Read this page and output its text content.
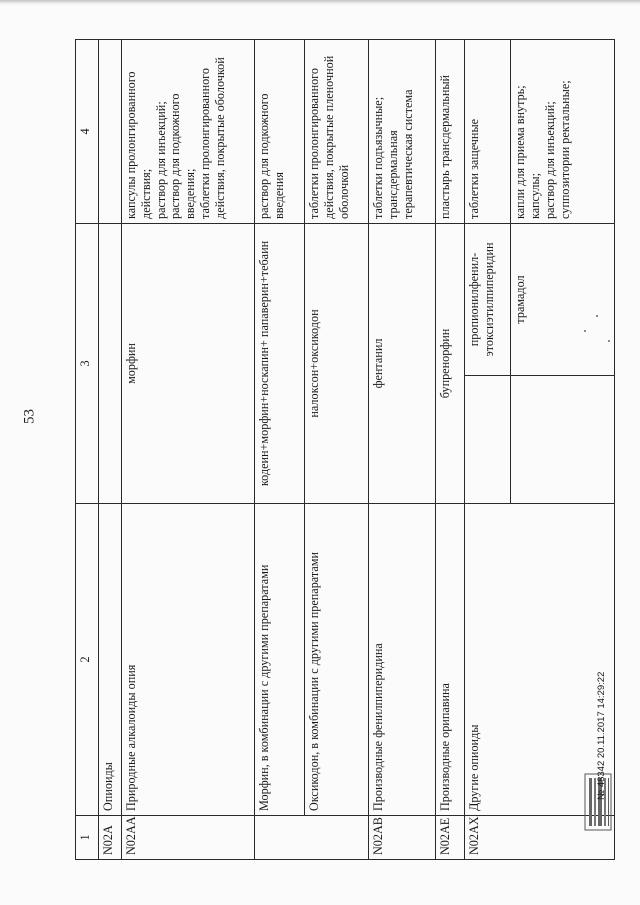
53
1	2	3		4
N02A	Опиоиды			
N02AA	Природные алкалоиды опия	морфин		капсулы пролонгированного действия; раствор для инъекций; раствор для подкожного введения; таблетки пролонгированного действия, покрытые оболочкой

	Морфин, в комбинации с другими препаратами	кодеин+морфин+носкапин+ папаверин+тебаин		раствор для подкожного введения

	Оксикодон, в комбинации с другими препаратами	налоксон+оксикодон		таблетки пролонгированного действия, покрытые пленочной оболочкой

N02AB	Производные фенилпиперидина	фентанил		таблетки подъязычные; трансдермальная терапевтическая система

N02AE	Производные орипавина	бупренорфин		пластырь трансдермальный

N02AX	Другие опиоиды		пропионилфенил- этоксиэтилпиперидин	таблетки защечные

			трамадол	капли для приема внутрь; капсулы; раствор для инъекций; суппозитории ректальные;
№ 48342 20.11.2017 14:29:22
